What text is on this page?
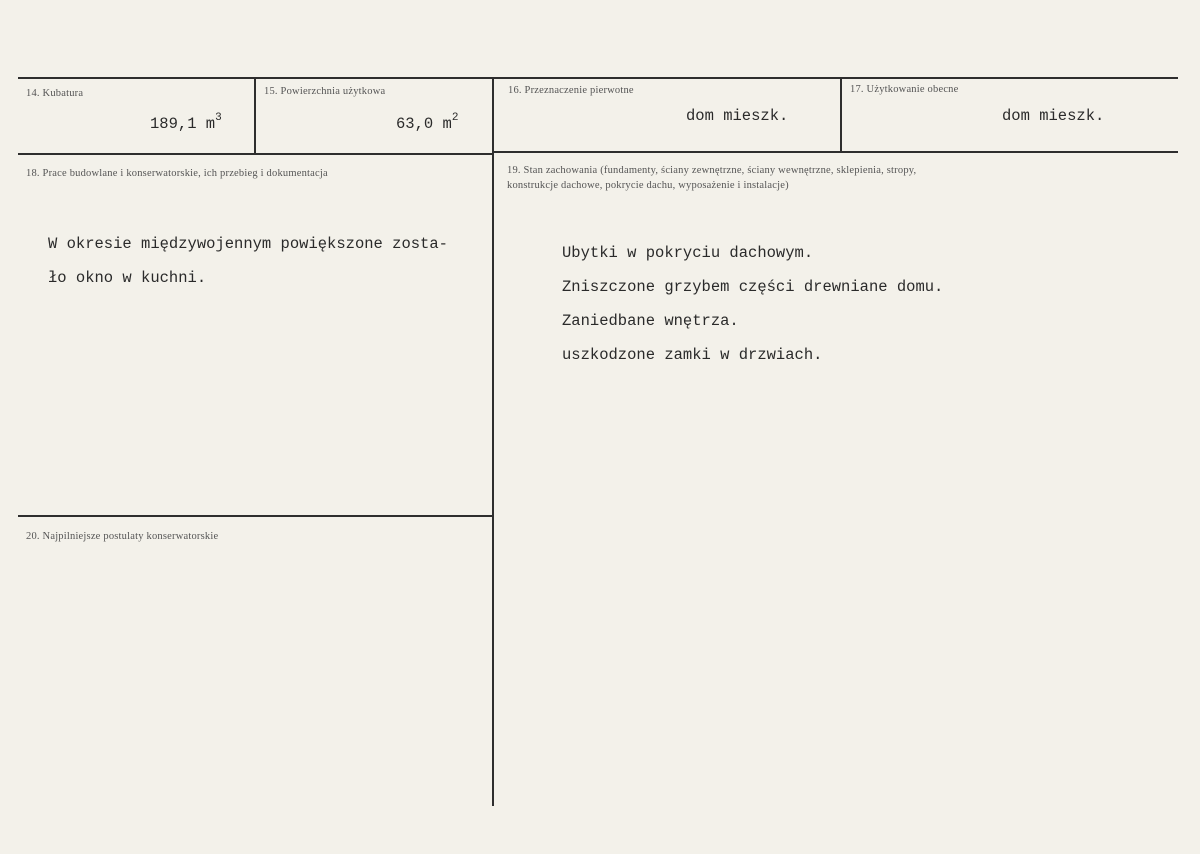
14. Kubatura
189,1 $m^3$
15. Powierzchnia użytkowa
63,0 $m^2$
16. Przeznaczenie pierwotne
dom mieszk.
17. Użytkowanie obecne
dom mieszk.
18. Prace budowlane i konserwatorskie, ich przebieg i dokumentacja

W okresie międzywojennym powiększone zosta-

ło okno w kuchni.

19. Stan zachowania (fundamenty, ściany zewnętrzne, ściany wewnętrzne, sklepienia, stropy,
konstrukcje dachowe, pokrycie dachu, wyposażenie i instalacje)

Ubytki w pokryciu dachowym.

Zniszczone grzybem części drewniane domu.

Zaniedbane wnętrza.

uszkodzone zamki w drzwiach.

20. Najpilniejsze postulaty konserwatorskie
